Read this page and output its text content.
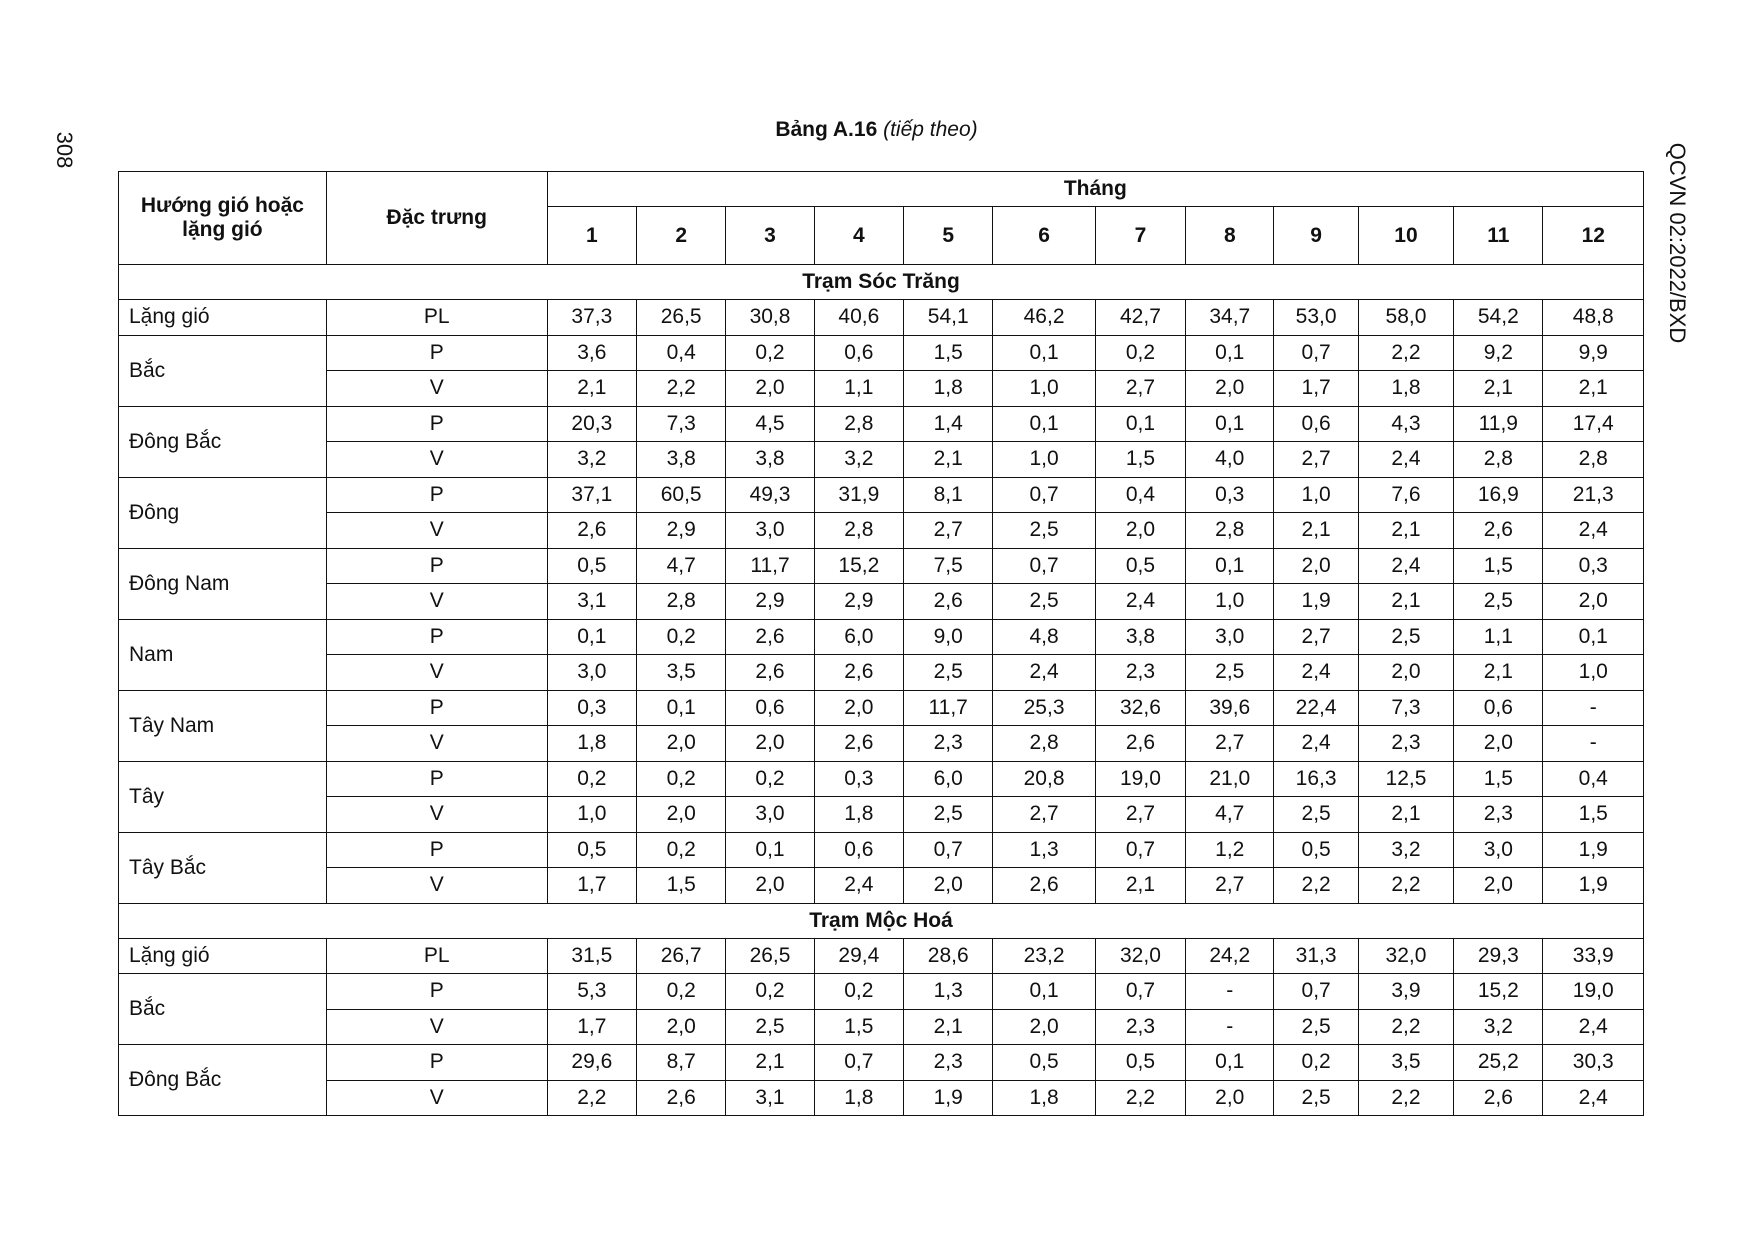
308	QCVN 02:2022/BXD
Bảng A.16 (tiếp theo)
Hướng gió hoặc lặng gió	Đặc trưng	Tháng											
		1	2	3	4	5	6	7	8	9	10	11	12
Trạm Sóc Trăng													
Lặng gió	PL	37,3	26,5	30,8	40,6	54,1	46,2	42,7	34,7	53,0	58,0	54,2	48,8
Bắc	P	3,6	0,4	0,2	0,6	1,5	0,1	0,2	0,1	0,7	2,2	9,2	9,9
	V	2,1	2,2	2,0	1,1	1,8	1,0	2,7	2,0	1,7	1,8	2,1	2,1
Đông Bắc	P	20,3	7,3	4,5	2,8	1,4	0,1	0,1	0,1	0,6	4,3	11,9	17,4
	V	3,2	3,8	3,8	3,2	2,1	1,0	1,5	4,0	2,7	2,4	2,8	2,8
Đông	P	37,1	60,5	49,3	31,9	8,1	0,7	0,4	0,3	1,0	7,6	16,9	21,3
	V	2,6	2,9	3,0	2,8	2,7	2,5	2,0	2,8	2,1	2,1	2,6	2,4
Đông Nam	P	0,5	4,7	11,7	15,2	7,5	0,7	0,5	0,1	2,0	2,4	1,5	0,3
	V	3,1	2,8	2,9	2,9	2,6	2,5	2,4	1,0	1,9	2,1	2,5	2,0
Nam	P	0,1	0,2	2,6	6,0	9,0	4,8	3,8	3,0	2,7	2,5	1,1	0,1
	V	3,0	3,5	2,6	2,6	2,5	2,4	2,3	2,5	2,4	2,0	2,1	1,0
Tây Nam	P	0,3	0,1	0,6	2,0	11,7	25,3	32,6	39,6	22,4	7,3	0,6	-
	V	1,8	2,0	2,0	2,6	2,3	2,8	2,6	2,7	2,4	2,3	2,0	-
Tây	P	0,2	0,2	0,2	0,3	6,0	20,8	19,0	21,0	16,3	12,5	1,5	0,4
	V	1,0	2,0	3,0	1,8	2,5	2,7	2,7	4,7	2,5	2,1	2,3	1,5
Tây Bắc	P	0,5	0,2	0,1	0,6	0,7	1,3	0,7	1,2	0,5	3,2	3,0	1,9
	V	1,7	1,5	2,0	2,4	2,0	2,6	2,1	2,7	2,2	2,2	2,0	1,9
Trạm Mộc Hoá													
Lặng gió	PL	31,5	26,7	26,5	29,4	28,6	23,2	32,0	24,2	31,3	32,0	29,3	33,9
Bắc	P	5,3	0,2	0,2	0,2	1,3	0,1	0,7	-	0,7	3,9	15,2	19,0
	V	1,7	2,0	2,5	1,5	2,1	2,0	2,3	-	2,5	2,2	3,2	2,4
Đông Bắc	P	29,6	8,7	2,1	0,7	2,3	0,5	0,5	0,1	0,2	3,5	25,2	30,3
	V	2,2	2,6	3,1	1,8	1,9	1,8	2,2	2,0	2,5	2,2	2,6	2,4
